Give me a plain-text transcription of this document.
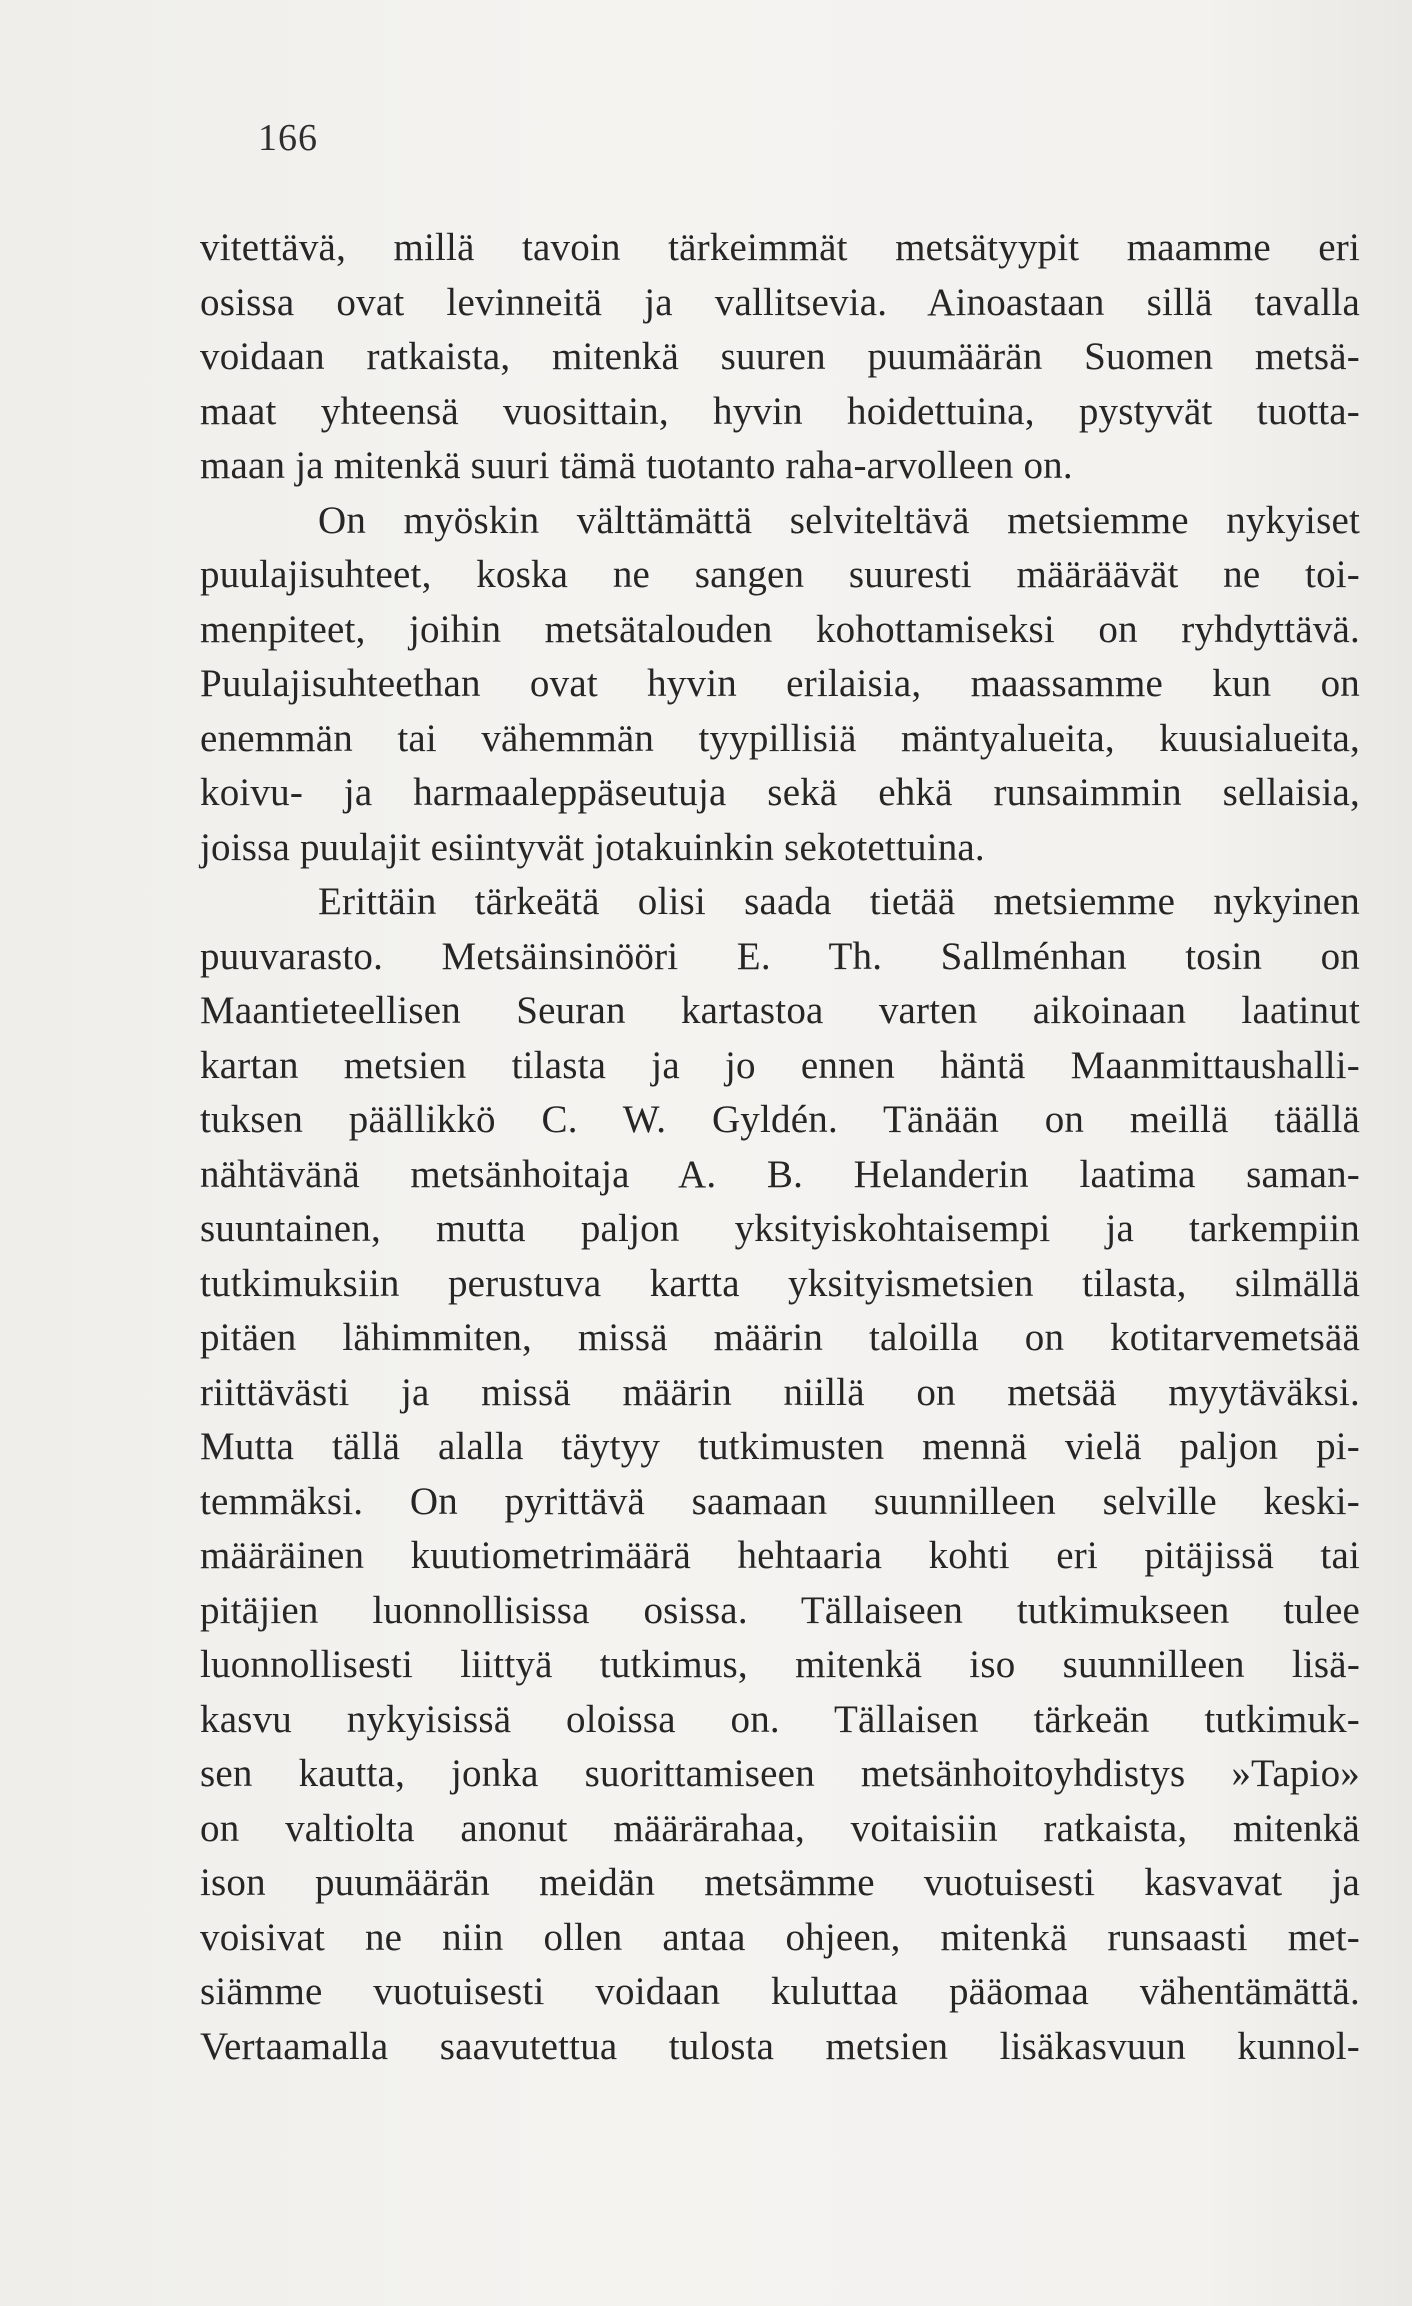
166
vitettävä, millä tavoin tärkeimmät metsätyypit maamme eri
osissa ovat levinneitä ja vallitsevia. Ainoastaan sillä tavalla
voidaan ratkaista, mitenkä suuren puumäärän Suomen metsä-
maat yhteensä vuosittain, hyvin hoidettuina, pystyvät tuotta-
maan ja mitenkä suuri tämä tuotanto raha-arvolleen on.
On myöskin välttämättä selviteltävä metsiemme nykyiset
puulajisuhteet, koska ne sangen suuresti määräävät ne toi-
menpiteet, joihin metsätalouden kohottamiseksi on ryhdyttävä.
Puulajisuhteethan ovat hyvin erilaisia, maassamme kun on
enemmän tai vähemmän tyypillisiä mäntyalueita, kuusialueita,
koivu- ja harmaaleppäseutuja sekä ehkä runsaimmin sellaisia,
joissa puulajit esiintyvät jotakuinkin sekotettuina.
Erittäin tärkeätä olisi saada tietää metsiemme nykyinen
puuvarasto. Metsäinsinööri E. Th. Sallménhan tosin on
Maantieteellisen Seuran kartastoa varten aikoinaan laatinut
kartan metsien tilasta ja jo ennen häntä Maanmittaushalli-
tuksen päällikkö C. W. Gyldén. Tänään on meillä täällä
nähtävänä metsänhoitaja A. B. Helanderin laatima saman-
suuntainen, mutta paljon yksityiskohtaisempi ja tarkempiin
tutkimuksiin perustuva kartta yksityismetsien tilasta, silmällä
pitäen lähimmiten, missä määrin taloilla on kotitarvemetsää
riittävästi ja missä määrin niillä on metsää myytäväksi.
Mutta tällä alalla täytyy tutkimusten mennä vielä paljon pi-
temmäksi. On pyrittävä saamaan suunnilleen selville keski-
määräinen kuutiometrimäärä hehtaaria kohti eri pitäjissä tai
pitäjien luonnollisissa osissa. Tällaiseen tutkimukseen tulee
luonnollisesti liittyä tutkimus, mitenkä iso suunnilleen lisä-
kasvu nykyisissä oloissa on. Tällaisen tärkeän tutkimuk-
sen kautta, jonka suorittamiseen metsänhoitoyhdistys »Tapio»
on valtiolta anonut määrärahaa, voitaisiin ratkaista, mitenkä
ison puumäärän meidän metsämme vuotuisesti kasvavat ja
voisivat ne niin ollen antaa ohjeen, mitenkä runsaasti met-
siämme vuotuisesti voidaan kuluttaa pääomaa vähentämättä.
Vertaamalla saavutettua tulosta metsien lisäkasvuun kunnol-
